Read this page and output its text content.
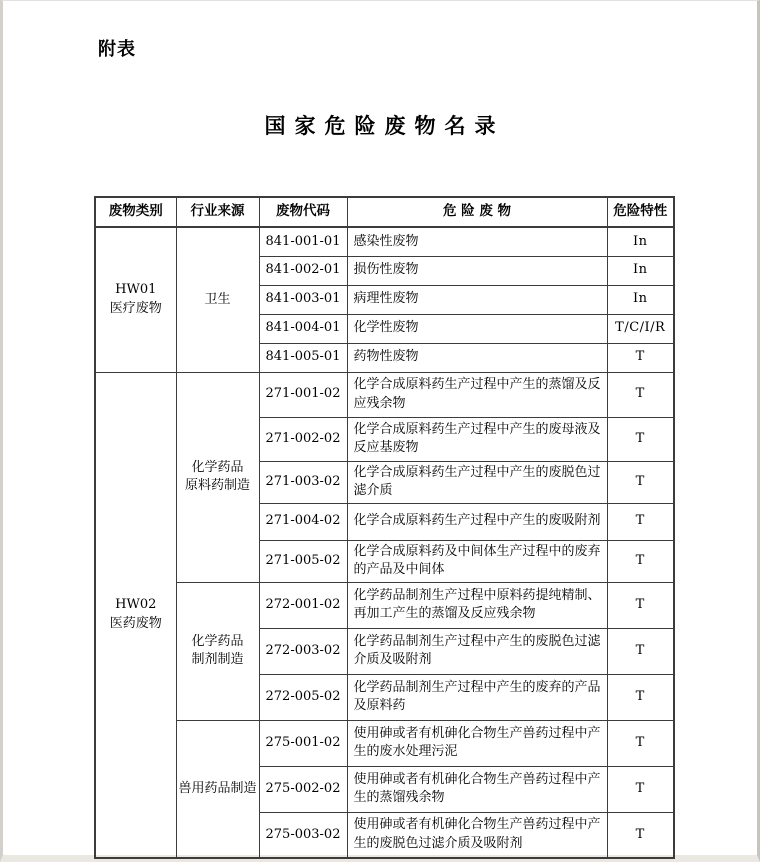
附表
国家危险废物名录
废物类别	行业来源	废物代码	危 险 废 物	危险特性

HW01
医疗废物	卫生	841-001-01	感染性废物	In
		841-002-01	损伤性废物	In
		841-003-01	病理性废物	In
		841-004-01	化学性废物	T/C/I/R
		841-005-01	药物性废物	T

HW02
医药废物	化学药品原料药制造	271-001-02	化学合成原料药生产过程中产生的蒸馏及反应残余物	T
		271-002-02	化学合成原料药生产过程中产生的废母液及反应基废物	T
		271-003-02	化学合成原料药生产过程中产生的废脱色过滤介质	T
		271-004-02	化学合成原料药生产过程中产生的废吸附剂	T
		271-005-02	化学合成原料药及中间体生产过程中的废弃的产品及中间体	T
	化学药品制剂制造	272-001-02	化学药品制剂生产过程中原料药提纯精制、再加工产生的蒸馏及反应残余物	T
		272-003-02	化学药品制剂生产过程中产生的废脱色过滤介质及吸附剂	T
		272-005-02	化学药品制剂生产过程中产生的废弃的产品及原料药	T
	兽用药品制造	275-001-02	使用砷或者有机砷化合物生产兽药过程中产生的废水处理污泥	T
		275-002-02	使用砷或者有机砷化合物生产兽药过程中产生的蒸馏残余物	T
		275-003-02	使用砷或者有机砷化合物生产兽药过程中产生的废脱色过滤介质及吸附剂	T
